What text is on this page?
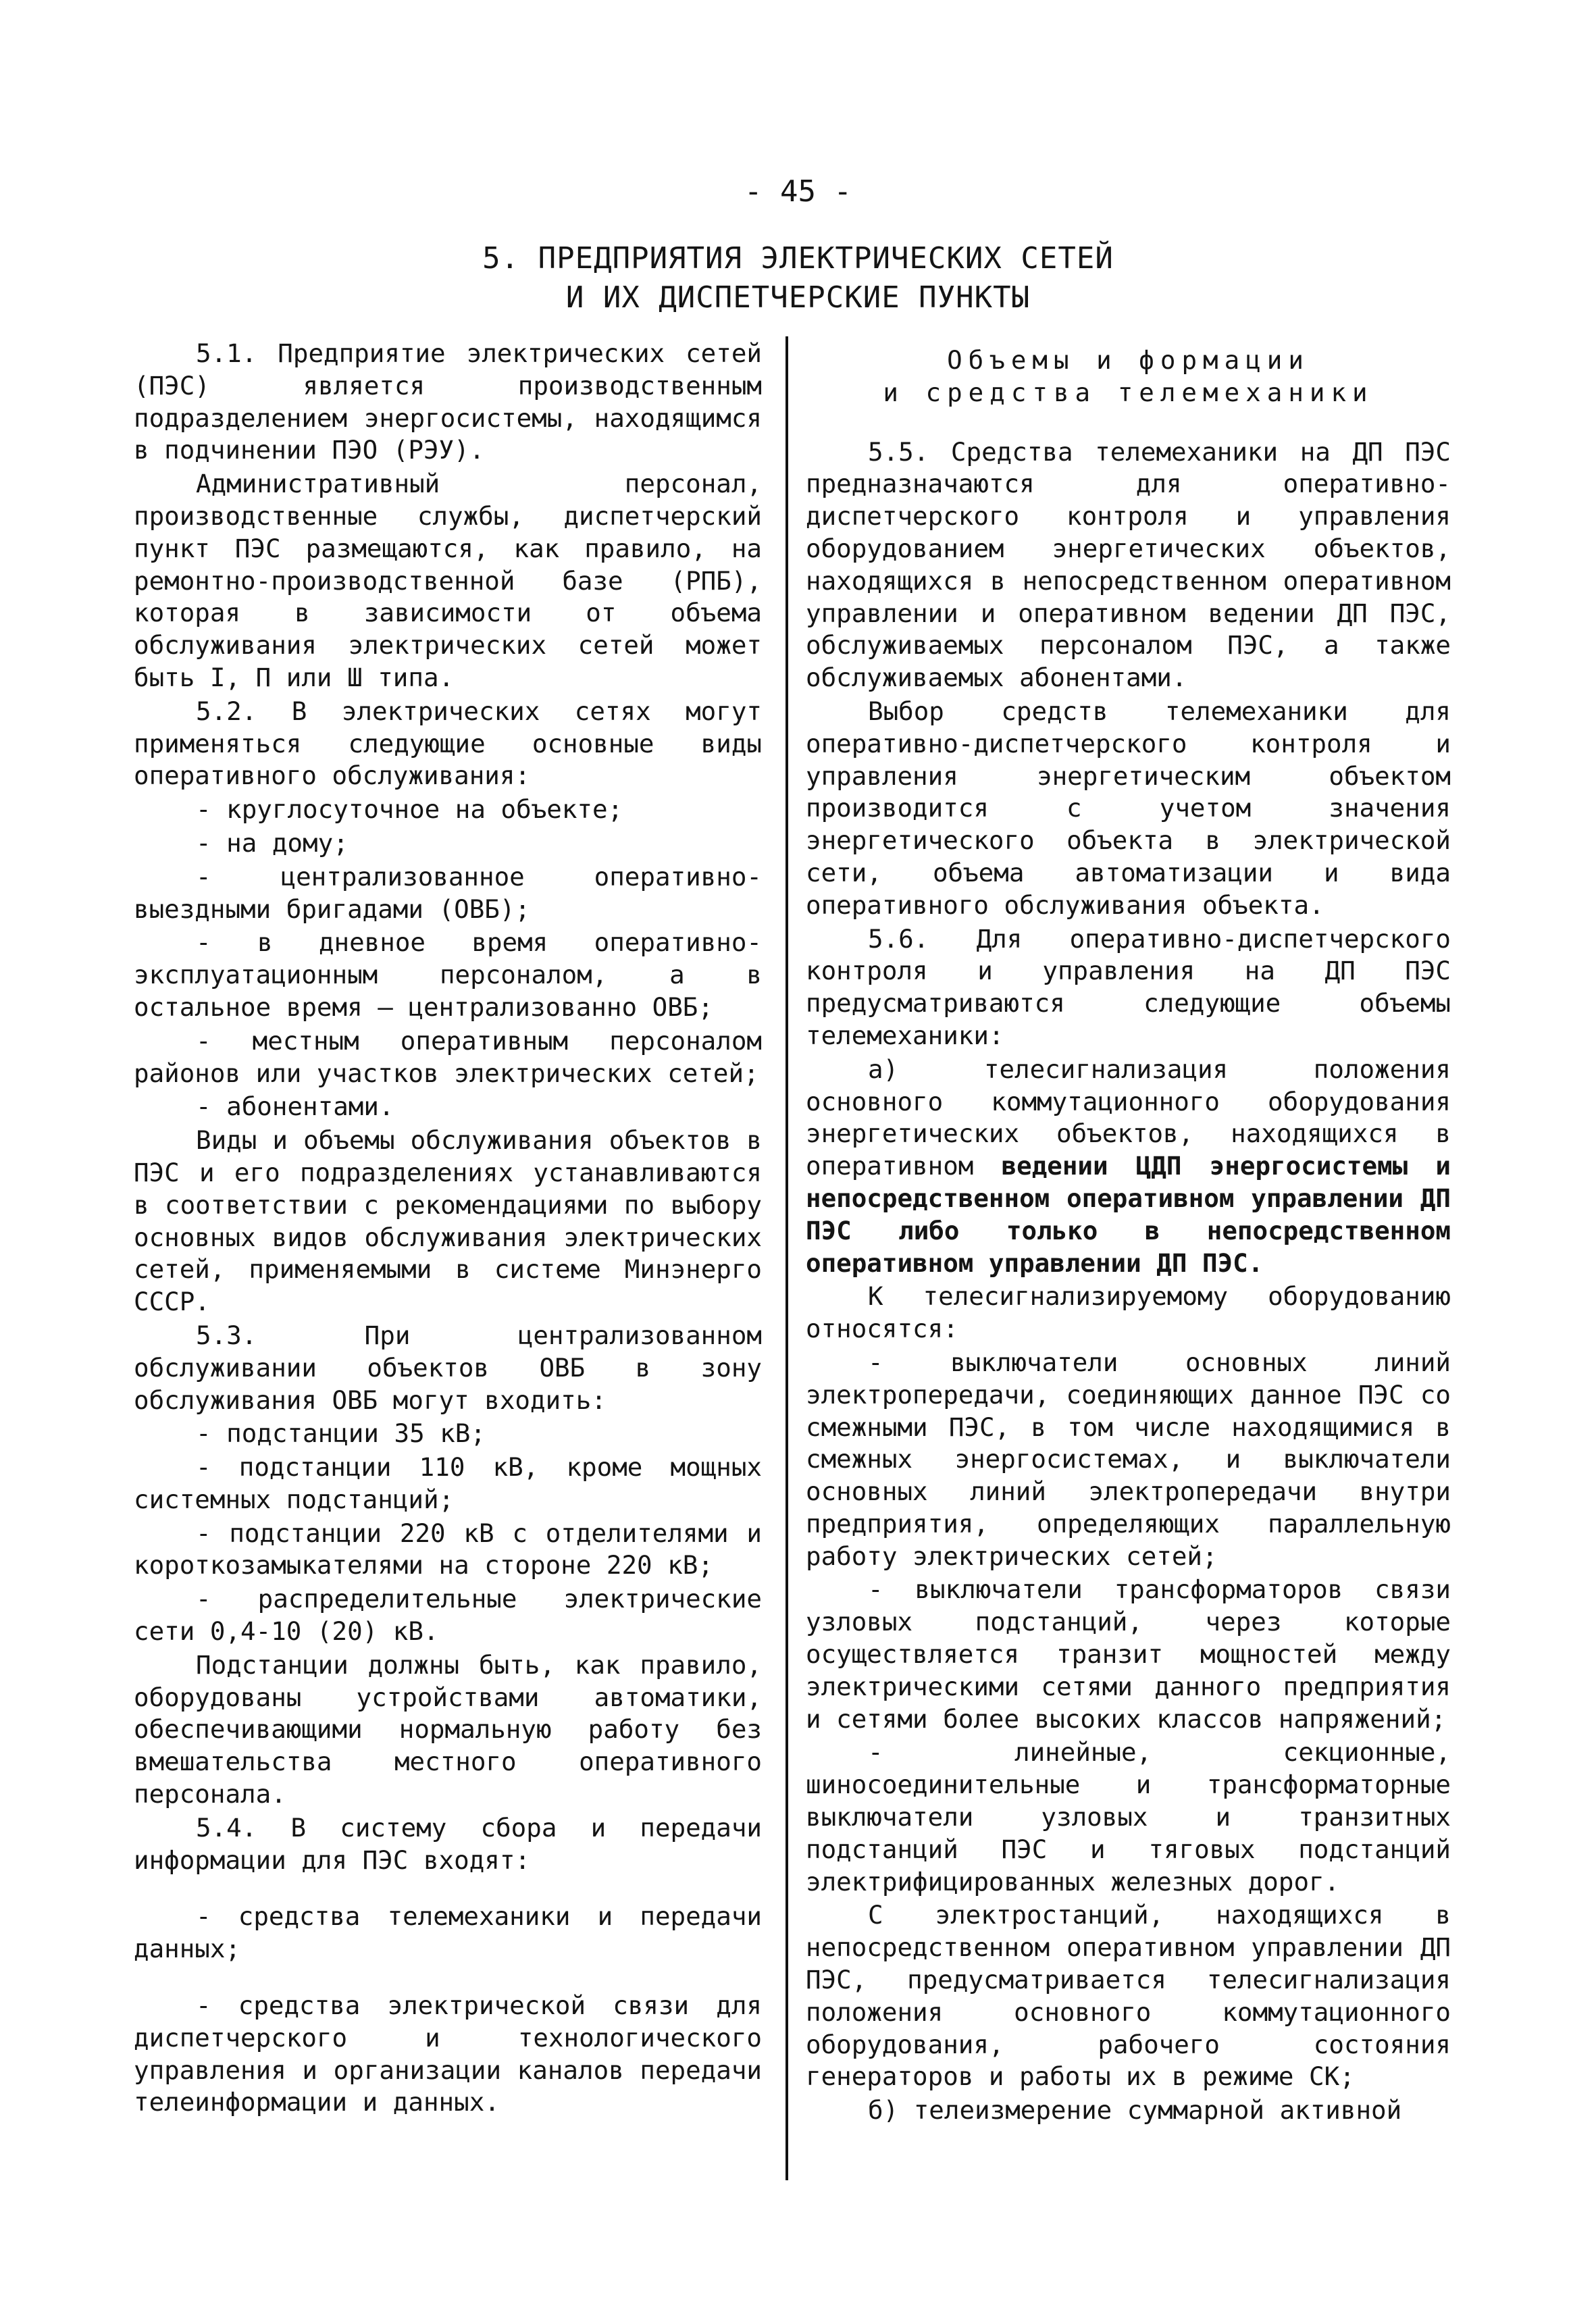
- 45 -
5. ПРЕДПРИЯТИЯ ЭЛЕКТРИЧЕСКИХ СЕТЕЙ
И ИХ ДИСПЕТЧЕРСКИЕ ПУНКТЫ

5.1. Предприятие электрических сетей (ПЭС) является производственным подразделением энергосистемы, находящимся в подчинении ПЭО (РЭУ).

Административный персонал, производственные службы, диспетчерский пункт ПЭС размещаются, как правило, на ремонтно-производственной базе (РПБ), которая в зависимости от объема обслуживания электрических сетей может быть I, П или Ш типа.

5.2. В электрических сетях могут применяться следующие основные виды оперативного обслуживания:

- круглосуточное на объекте;

- на дому;

- централизованное оперативно-выездными бригадами (ОВБ);

- в дневное время оперативно-эксплуатационным персоналом, а в остальное время — централизованно ОВБ;

- местным оперативным персоналом районов или участков электрических сетей;

- абонентами.

Виды и объемы обслуживания объектов в ПЭС и его подразделениях устанавливаются в соответствии с рекомендациями по выбору основных видов обслуживания электрических сетей, применяемыми в системе Минэнерго СССР.

5.3. При централизованном обслуживании объектов ОВБ в зону обслуживания ОВБ могут входить:

- подстанции 35 кВ;

- подстанции 110 кВ, кроме мощных системных подстанций;

- подстанции 220 кВ с отделителями и короткозамыкателями на стороне 220 кВ;

- распределительные электрические сети 0,4-10 (20) кВ.

Подстанции должны быть, как правило, оборудованы устройствами автоматики, обеспечивающими нормальную работу без вмешательства местного оперативного персонала.

5.4. В систему сбора и передачи информации для ПЭС входят:

- средства телемеханики и передачи данных;

- средства электрической связи для диспетчерского и технологического управления и организации каналов передачи телеинформации и данных.

Объемы и формации

и средства телемеханики

5.5. Средства телемеханики на ДП ПЭС предназначаются для оперативно-диспетчерского контроля и управления оборудованием энергетических объектов, находящихся в непосредственном оперативном управлении и оперативном ведении ДП ПЭС, обслуживаемых персоналом ПЭС, а также обслуживаемых абонентами.

Выбор средств телемеханики для оперативно-диспетчерского контроля и управления энергетическим объектом производится с учетом значения энергетического объекта в электрической сети, объема автоматизации и вида оперативного обслуживания объекта.

5.6. Для оперативно-диспетчерского контроля и управления на ДП ПЭС предусматриваются следующие объемы телемеханики:

а) телесигнализация положения основного коммутационного оборудования энергетических объектов, находящихся в оперативном ведении ЦДП энергосистемы и непосредственном оперативном управлении ДП ПЭС либо только в непосредственном оперативном управлении ДП ПЭС.

К телесигнализируемому оборудованию относятся:

- выключатели основных линий электропередачи, соединяющих данное ПЭС со смежными ПЭС, в том числе находящимися в смежных энергосистемах, и выключатели основных линий электропередачи внутри предприятия, определяющих параллельную работу электрических сетей;

- выключатели трансформаторов связи узловых подстанций, через которые осуществляется транзит мощностей между электрическими сетями данного предприятия и сетями более высоких классов напряжений;

- линейные, секционные, шиносоединительные и трансформаторные выключатели узловых и транзитных подстанций ПЭС и тяговых подстанций электрифицированных железных дорог.

С электростанций, находящихся в непосредственном оперативном управлении ДП ПЭС, предусматривается телесигнализация положения основного коммутационного оборудования, рабочего состояния генераторов и работы их в режиме СК;

б) телеизмерение суммарной активной
